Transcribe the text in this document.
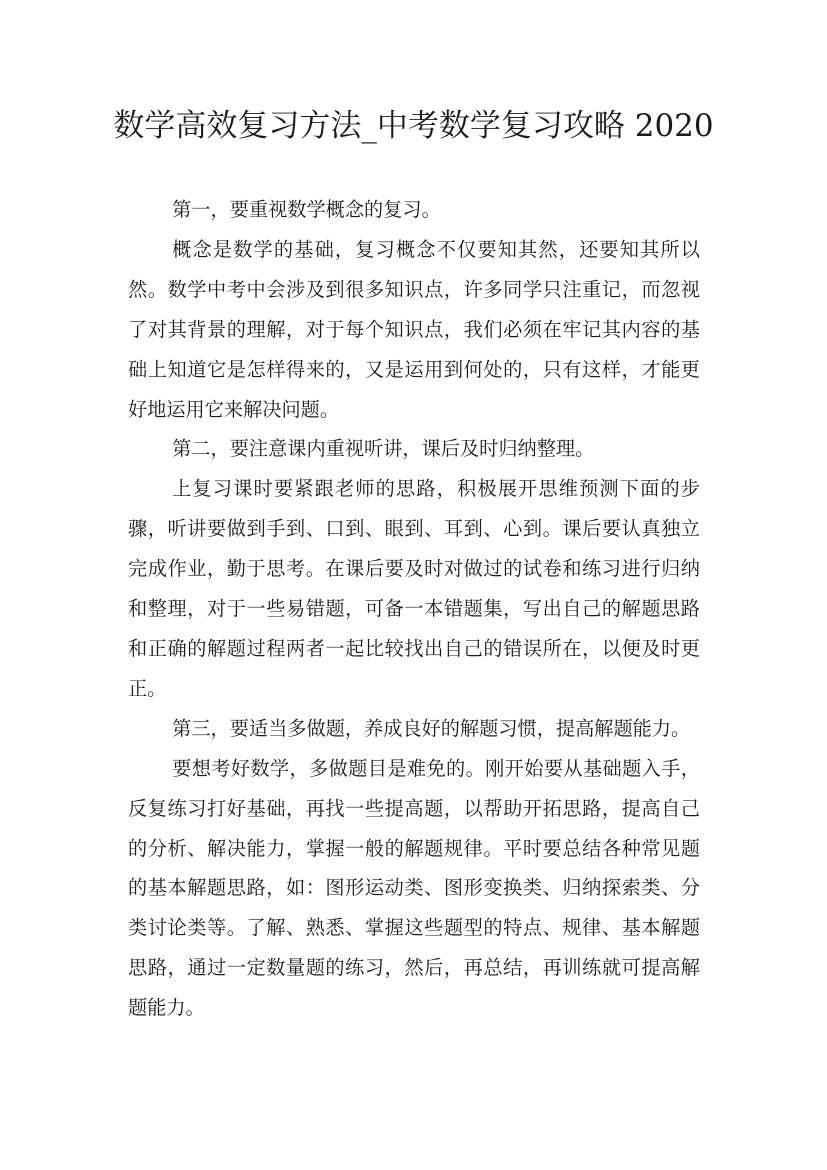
数学高效复习方法_中考数学复习攻略 2020

第一，要重视数学概念的复习。

概念是数学的基础，复习概念不仅要知其然，还要知其所以然。数学中考中会涉及到很多知识点，许多同学只注重记，而忽视了对其背景的理解，对于每个知识点，我们必须在牢记其内容的基础上知道它是怎样得来的，又是运用到何处的，只有这样，才能更好地运用它来解决问题。

第二，要注意课内重视听讲，课后及时归纳整理。

上复习课时要紧跟老师的思路，积极展开思维预测下面的步骤，听讲要做到手到、口到、眼到、耳到、心到。课后要认真独立完成作业，勤于思考。在课后要及时对做过的试卷和练习进行归纳和整理，对于一些易错题，可备一本错题集，写出自己的解题思路和正确的解题过程两者一起比较找出自己的错误所在，以便及时更正。

第三，要适当多做题，养成良好的解题习惯，提高解题能力。

要想考好数学，多做题目是难免的。刚开始要从基础题入手，反复练习打好基础，再找一些提高题，以帮助开拓思路，提高自己的分析、解决能力，掌握一般的解题规律。平时要总结各种常见题的基本解题思路，如：图形运动类、图形变换类、归纳探索类、分类讨论类等。了解、熟悉、掌握这些题型的特点、规律、基本解题思路，通过一定数量题的练习，然后，再总结，再训练就可提高解题能力。
